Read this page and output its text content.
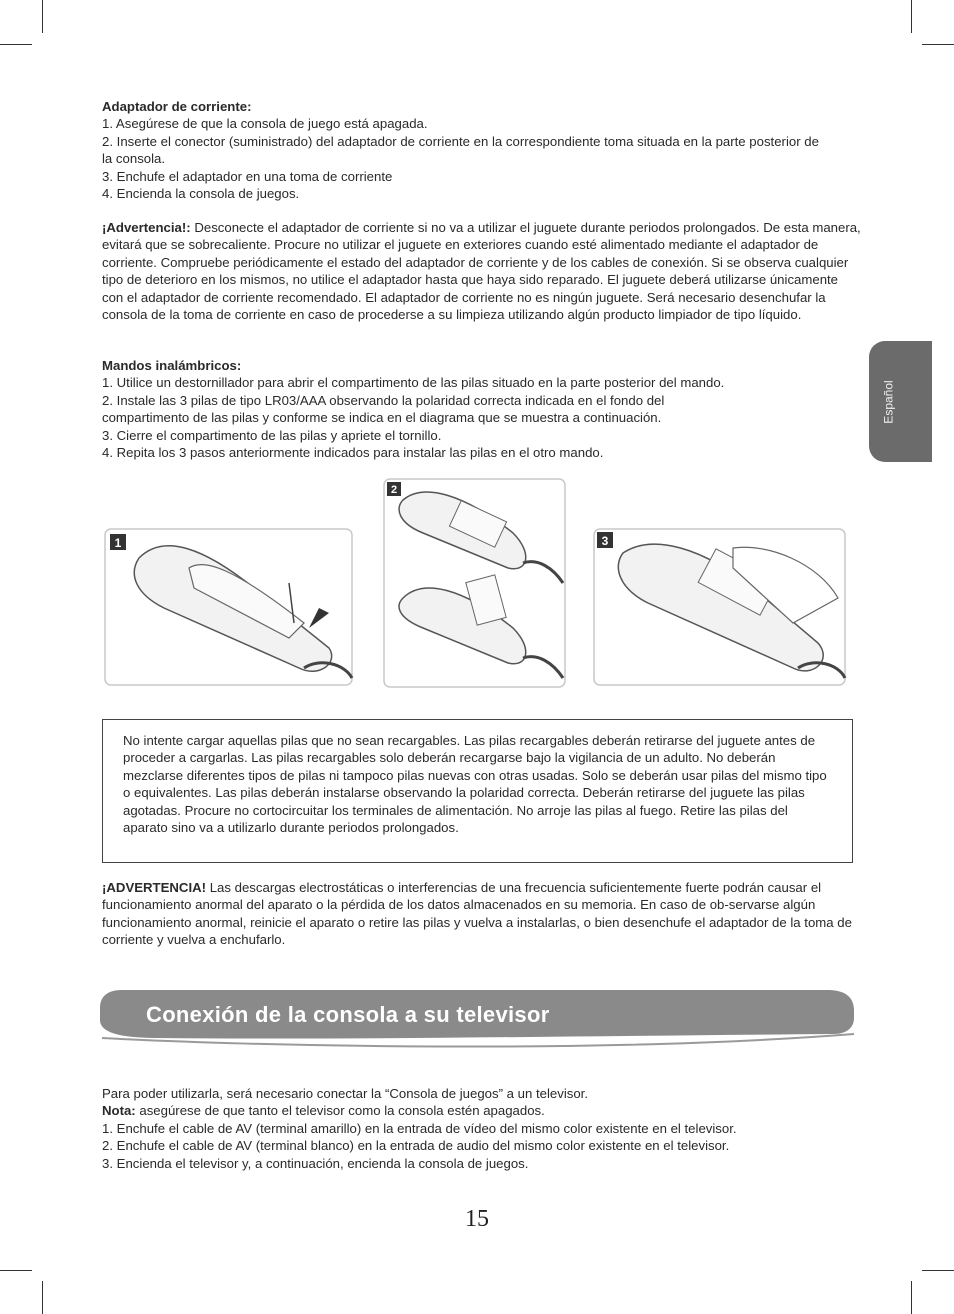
Adaptador de corriente:

1. Asegúrese de que la consola de juego está apagada.

2. Inserte el conector (suministrado) del adaptador de corriente en la correspondiente toma situada en la parte posterior de la consola.

3. Enchufe el adaptador en una toma de corriente

4. Encienda la consola de juegos.

¡Advertencia!: Desconecte el adaptador de corriente si no va a utilizar el juguete durante periodos prolongados. De esta manera, evitará que se sobrecaliente. Procure no utilizar el juguete en exteriores cuando esté alimentado mediante el adaptador de corriente. Compruebe periódicamente el estado del adaptador de corriente y de los cables de conexión. Si se observa cualquier tipo de deterioro en los mismos, no utilice el adaptador hasta que haya sido reparado. El juguete deberá utilizarse únicamente con el adaptador de corriente recomendado. El adaptador de corriente no es ningún juguete. Será necesario desenchufar la consola de la toma de corriente en caso de procederse a su limpieza utilizando algún producto limpiador de tipo líquido.

Mandos inalámbricos:

1. Utilice un destornillador para abrir el compartimento de las pilas situado en la parte posterior del mando.

2. Instale las 3 pilas de tipo LR03/AAA observando la polaridad correcta indicada en el fondo del compartimento de las pilas y conforme se indica en el diagrama que se muestra a continuación.

3. Cierre el compartimento de las pilas y apriete el tornillo.

4. Repita los 3 pasos anteriormente indicados para instalar las pilas en el otro mando.

1
2
3

No intente cargar aquellas pilas que no sean recargables. Las pilas recargables deberán retirarse del juguete antes de proceder a cargarlas. Las pilas recargables solo deberán recargarse bajo la vigilancia de un adulto. No deberán mezclarse diferentes tipos de pilas ni tampoco pilas nuevas con otras usadas. Solo se deberán usar pilas del mismo tipo o equivalentes. Las pilas deberán instalarse observando la polaridad correcta. Deberán retirarse del juguete las pilas agotadas. Procure no cortocircuitar los terminales de alimentación. No arroje las pilas al fuego. Retire las pilas del aparato sino va a utilizarlo durante periodos prolongados.

¡ADVERTENCIA! Las descargas electrostáticas o interferencias de una frecuencia suficientemente fuerte podrán causar el funcionamiento anormal del aparato o la pérdida de los datos almacenados en su memoria. En caso de ob-servarse algún funcionamiento anormal, reinicie el aparato o retire las pilas y vuelva a instalarlas, o bien desenchufe el adaptador de la toma de corriente y vuelva a enchufarlo.

Conexión de la consola a su televisor

Para poder utilizarla, será necesario conectar la “Consola de juegos” a un televisor.

Nota: asegúrese de que tanto el televisor como la consola estén apagados.

1. Enchufe el cable de AV (terminal amarillo) en la entrada de vídeo del mismo color existente en el televisor.

2. Enchufe el cable de AV (terminal blanco) en la entrada de audio del mismo color existente en el televisor.

3. Encienda el televisor y, a continuación, encienda la consola de juegos.

15
Español
